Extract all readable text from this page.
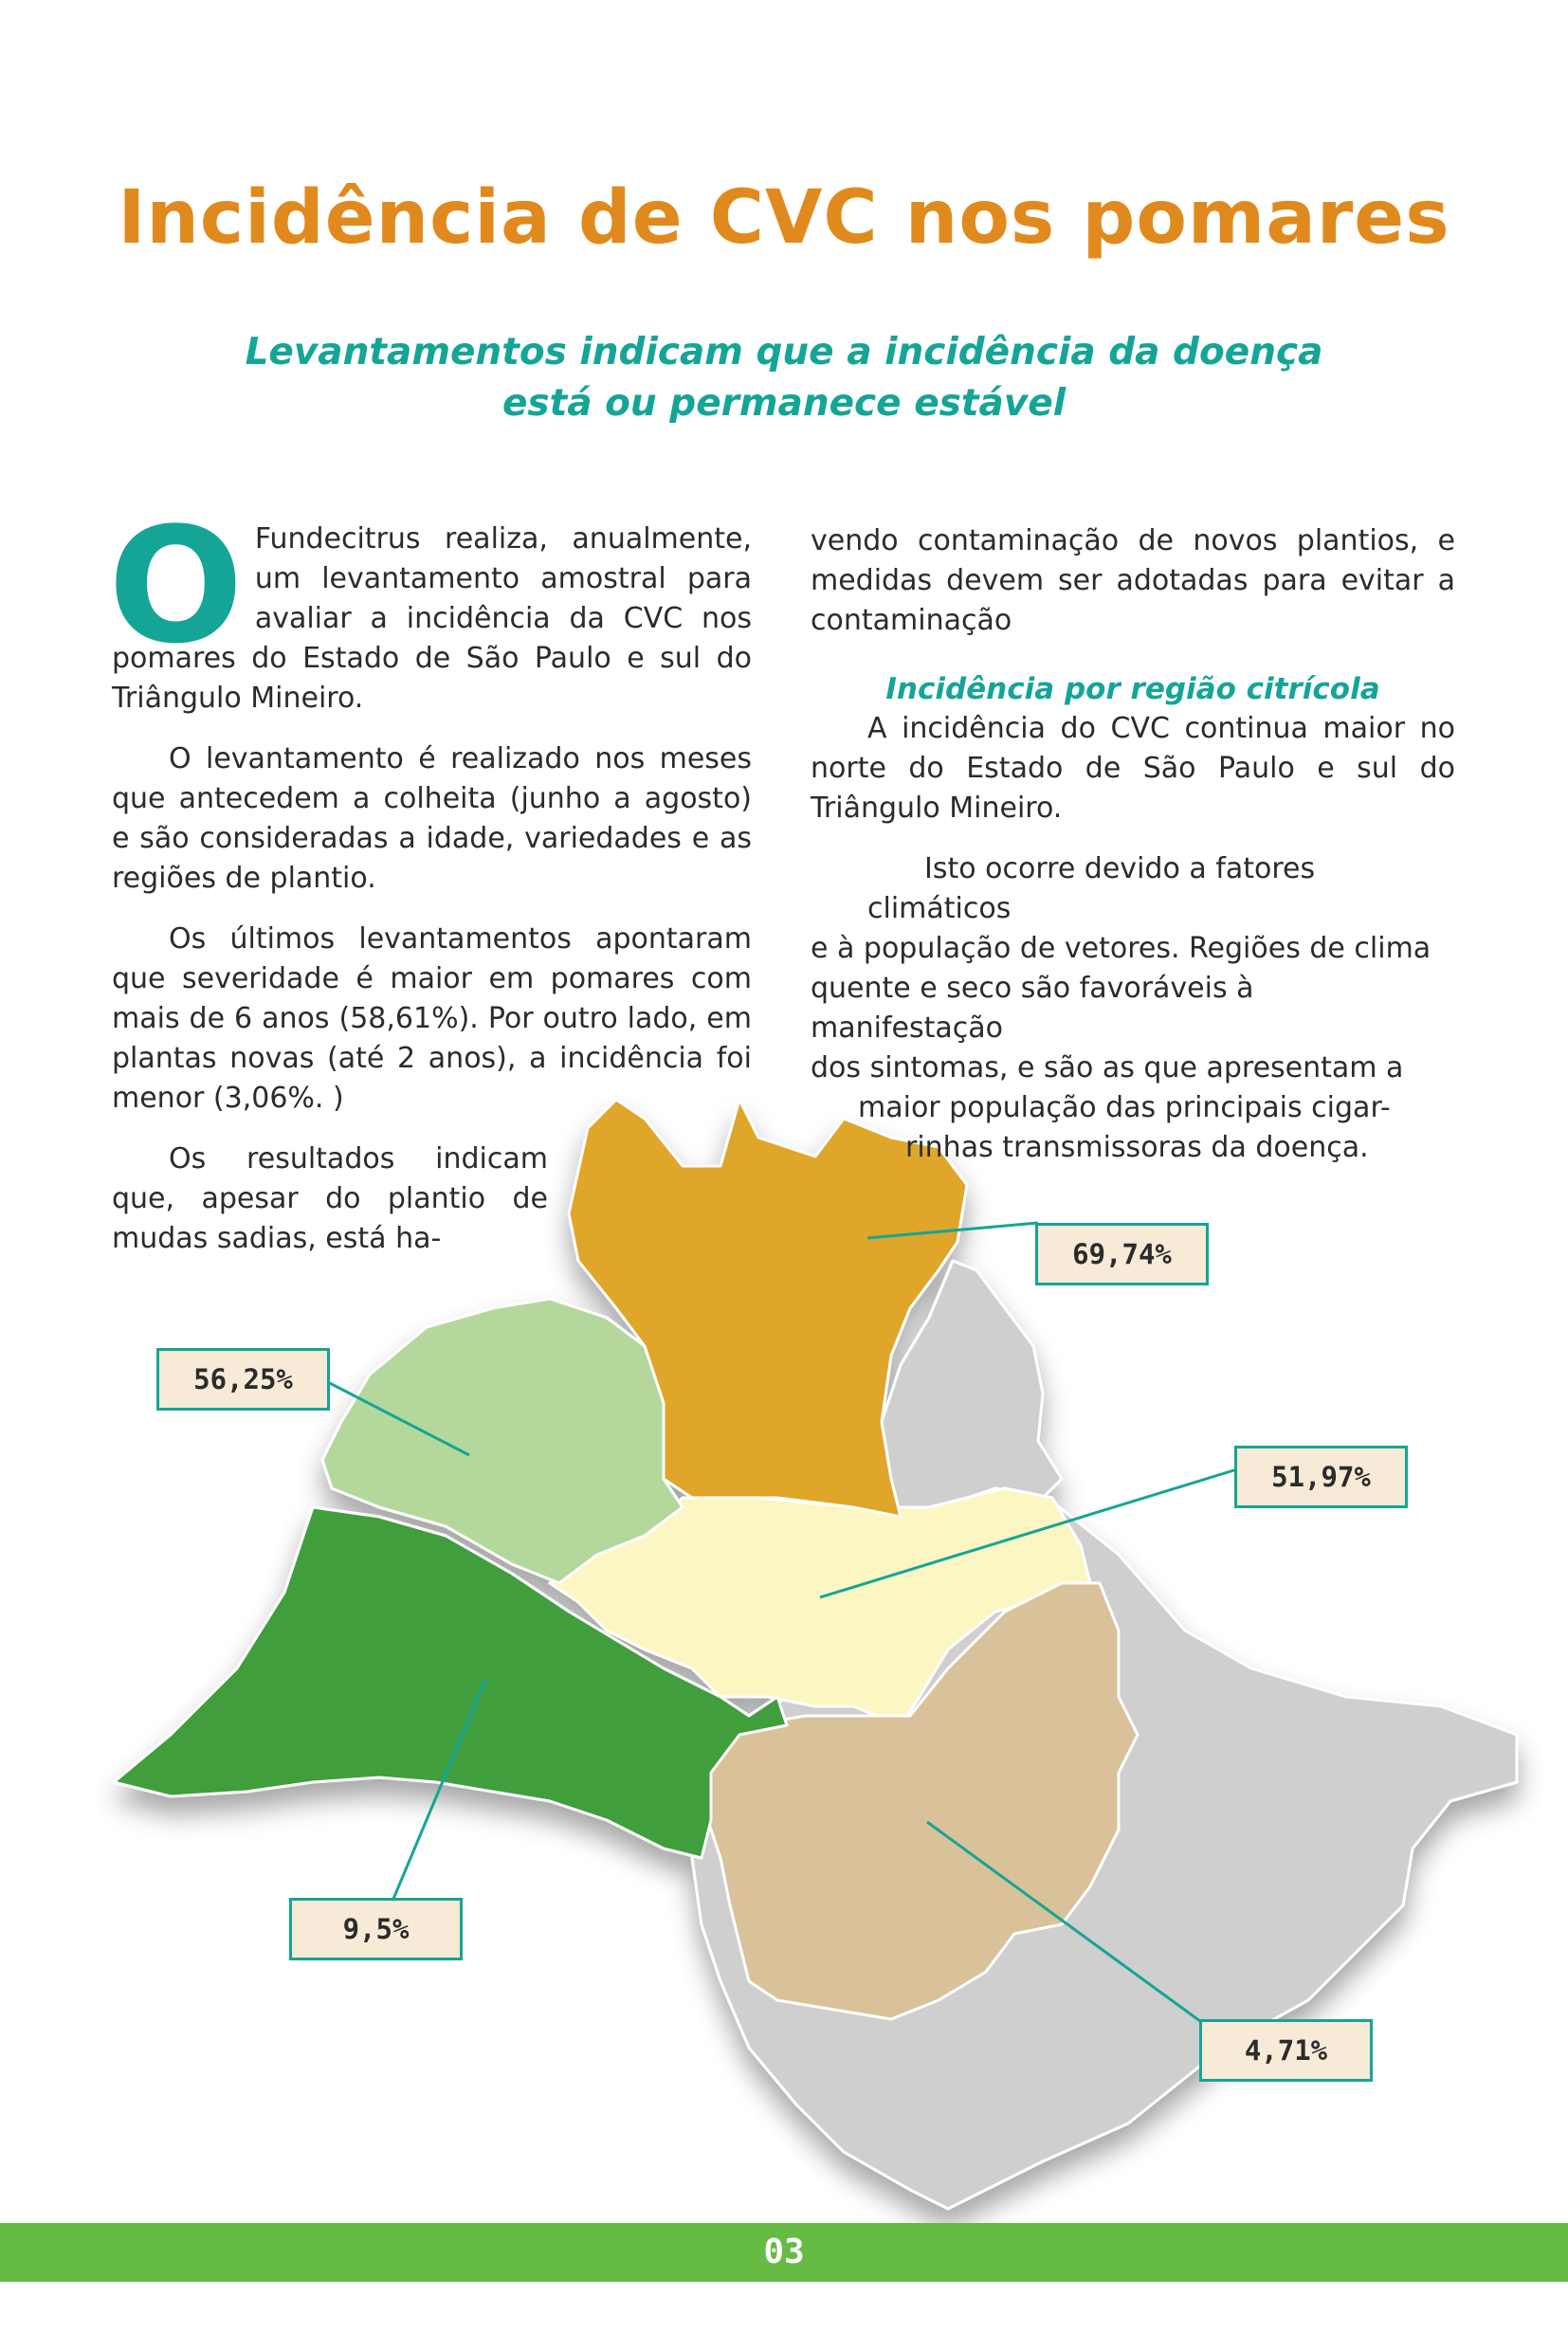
Incidência de CVC nos pomares
Levantamentos indicam que a incidência da doença
está ou permanece estável

O Fundecitrus realiza, anualmente, um levantamento amostral para avaliar a incidência da CVC nos pomares do Estado de São Paulo e sul do Triângulo Mineiro.

O levantamento é realizado nos meses que antecedem a colheita (junho a agosto) e são consideradas a idade, variedades e as regiões de plantio.

Os últimos levantamentos apontaram que severidade é maior em pomares com mais de 6 anos (58,61%). Por outro lado, em plantas novas (até 2 anos), a incidência foi menor (3,06%. )

Os resultados indicam que, apesar do plantio de mudas sadias, está ha-

vendo contaminação de novos plantios, e medidas devem ser adotadas para evitar a contaminação

Incidência por região citrícola

A incidência do CVC continua maior no norte do Estado de São Paulo e sul do Triângulo Mineiro.

Isto ocorre devido a fatores climáticos
e à população de vetores. Regiões de clima
quente e seco são favoráveis à manifestação
dos sintomas, e são as que apresentam a
maior população das principais cigar-
rinhas transmissoras da doença.

69,74%
56,25%
51,97%
9,5%
4,71%
03
